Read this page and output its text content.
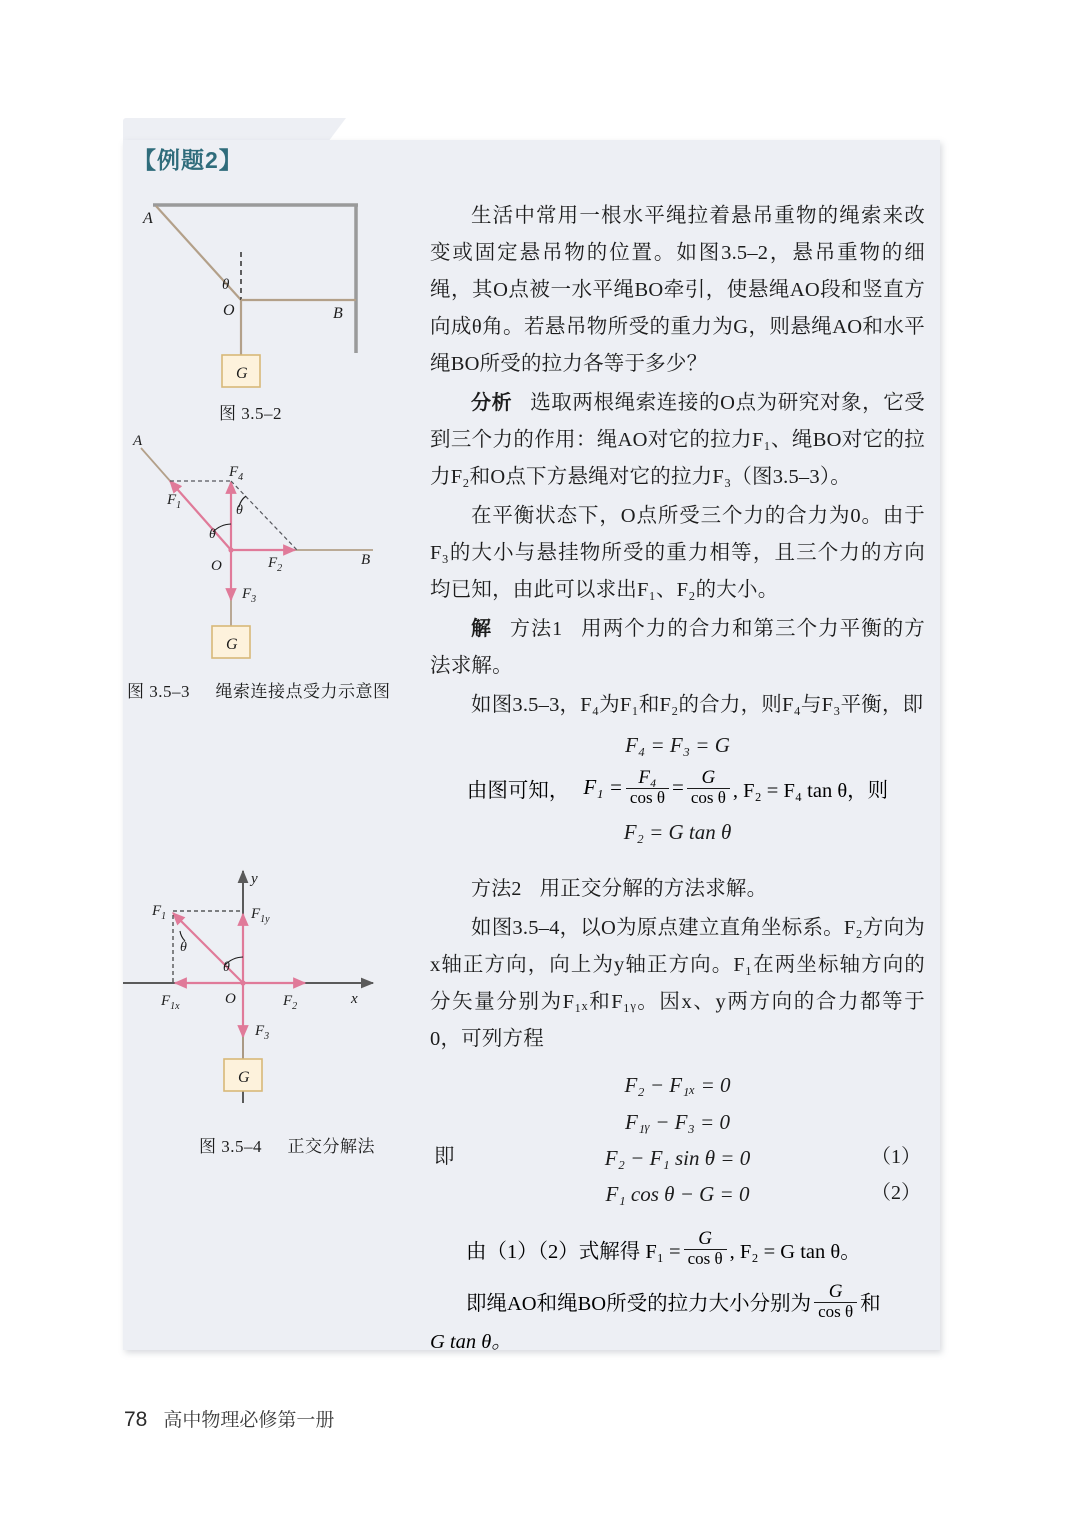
【例题2】
A
O	B
θ
G
图 3.5–2
A
B
O
$F_1$
$F_2$
$F_3$
$F_4$
θ
θ
G
图 3.5–3 绳索连接点受力示意图
x
y
O
$F_1$	$F_{1y}$
$F_{1x}$	$F_2$
$F_3$
θ
θ
G
图 3.5–4 正交分解法

生活中常用一根水平绳拉着悬吊重物的绳索来改变或固定悬吊物的位置。如图3.5–2，悬吊重物的细绳，其O点被一水平绳BO牵引，使悬绳AO段和竖直方向成θ角。若悬吊物所受的重力为G，则悬绳AO和水平绳BO所受的拉力各等于多少？

分析 选取两根绳索连接的O点为研究对象，它受到三个力的作用：绳AO对它的拉力F₁、绳BO对它的拉力F₂和O点下方悬绳对它的拉力F₃（图3.5–3）。

在平衡状态下，O点所受三个力的合力为0。由于F₃的大小与悬挂物所受的重力相等，且三个力的方向均已知，由此可以求出F₁、F₂的大小。

解 方法1 用两个力的合力和第三个力平衡的方法求解。

如图3.5–3，F₄为F₁和F₂的合力，则F₄与F₃平衡，即

F₄ = F₃ = G
由图可知， $F_1 = \frac{\text{F₄}}{\text{cos θ}} = \frac{G}{\text{cos θ}}$ , F₂ = F₄ tan θ，则
F₂ = G tan θ

方法2 用正交分解的方法求解。

如图3.5–4，以O为原点建立直角坐标系。F₂方向为x轴正方向，向上为y轴正方向。F₁在两坐标轴方向的分矢量分别为F₁ₓ和F₁ᵧ。因x、y两方向的合力都等于0，可列方程

F₂ − F₁ₓ = 0
F₁ᵧ − F₃ = 0
即	F₂ − F₁ sin θ = 0	（1）
F₁ cos θ − G = 0	（2）
由（1）（2）式解得 $F_1 = \frac{G}{\text{cos θ}}$ , F₂ = G tan θ。
即绳AO和绳BO所受的拉力大小分别为 $\frac{G}{\text{cos θ}}$ 和
G tan θ。
78 高中物理必修第一册
